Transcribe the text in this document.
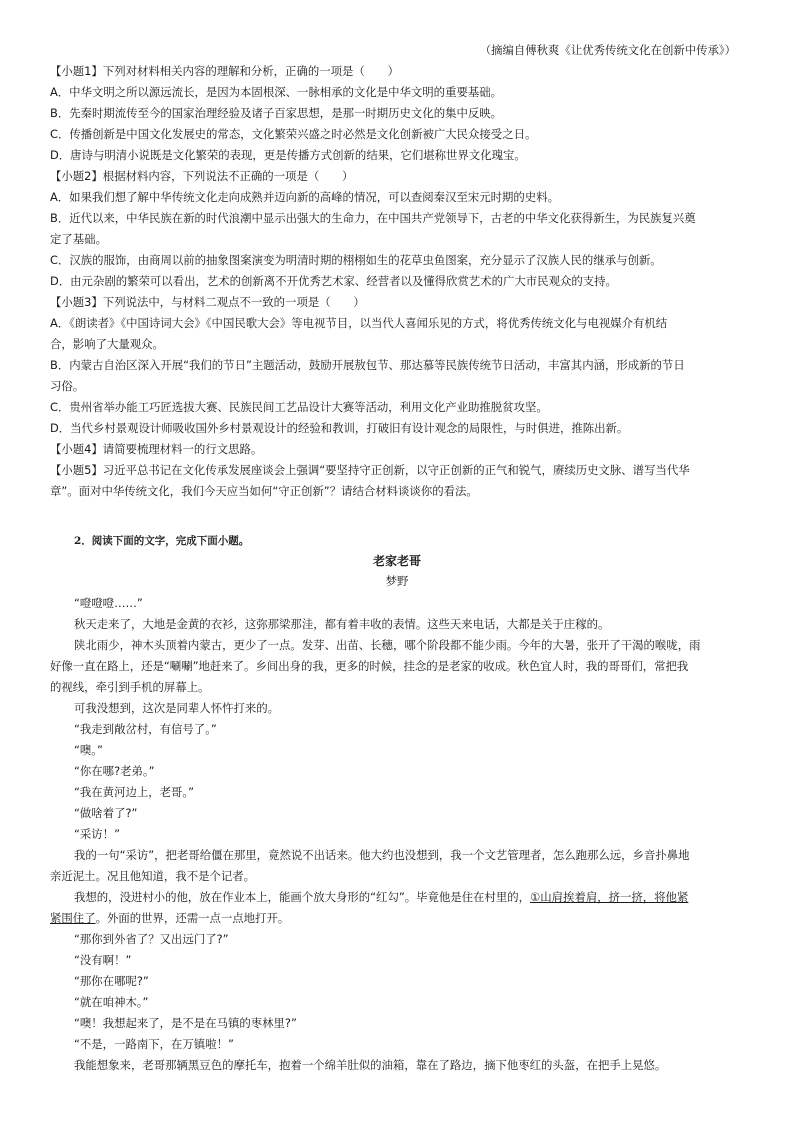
（摘编自傅秋爽《让优秀传统文化在创新中传承》）
【小题1】下列对材料相关内容的理解和分析，正确的一项是（　　）
A．中华文明之所以源远流长，是因为本固根深、一脉相承的文化是中华文明的重要基础。
B．先秦时期流传至今的国家治理经验及诸子百家思想，是那一时期历史文化的集中反映。
C．传播创新是中国文化发展史的常态，文化繁荣兴盛之时必然是文化创新被广大民众接受之日。
D．唐诗与明清小说既是文化繁荣的表现，更是传播方式创新的结果，它们堪称世界文化瑰宝。
【小题2】根据材料内容，下列说法不正确的一项是（　　）
A．如果我们想了解中华传统文化走向成熟并迈向新的高峰的情况，可以查阅秦汉至宋元时期的史料。
B．近代以来，中华民族在新的时代浪潮中显示出强大的生命力，在中国共产党领导下，古老的中华文化获得新生，为民族复兴奠
定了基础。
C．汉族的服饰，由商周以前的抽象图案演变为明清时期的栩栩如生的花草虫鱼图案，充分显示了汉族人民的继承与创新。
D．由元杂剧的繁荣可以看出，艺术的创新离不开优秀艺术家、经营者以及懂得欣赏艺术的广大市民观众的支持。
【小题3】下列说法中，与材料二观点不一致的一项是（　　）
A．《朗读者》《中国诗词大会》《中国民歌大会》等电视节目，以当代人喜闻乐见的方式，将优秀传统文化与电视媒介有机结
合，影响了大量观众。
B．内蒙古自治区深入开展“我们的节日”主题活动，鼓励开展敖包节、那达慕等民族传统节日活动，丰富其内涵，形成新的节日
习俗。
C．贵州省举办能工巧匠选拔大赛、民族民间工艺品设计大赛等活动，利用文化产业助推脱贫攻坚。
D．当代乡村景观设计师吸收国外乡村景观设计的经验和教训，打破旧有设计观念的局限性，与时俱进，推陈出新。
【小题4】请简要梳理材料一的行文思路。
【小题5】习近平总书记在文化传承发展座谈会上强调“要坚持守正创新，以守正创新的正气和锐气，赓续历史文脉、谱写当代华
章”。面对中华传统文化，我们今天应当如何“守正创新”？请结合材料谈谈你的看法。
2．阅读下面的文字，完成下面小题。
老家老哥
梦野
“噔噔噔……”
秋天走来了，大地是金黄的衣衫，这弥那梁那洼，都有着丰收的表情。这些天来电话，大都是关于庄稼的。
陕北雨少，神木头顶着内蒙古，更少了一点。发芽、出苗、长穗，哪个阶段都不能少雨。今年的大暑，张开了干渴的喉咙，雨
好像一直在路上，还是“唰唰”地赶来了。乡间出身的我，更多的时候，挂念的是老家的收成。秋色宜人时，我的哥哥们，常把我
的视线，牵引到手机的屏幕上。
可我没想到，这次是同辈人怀忤打来的。
“我走到敞岔村，有信号了。”
“噢。”
“你在哪?老弟。”
“我在黄河边上，老哥。”
“做啥着了?”
“采访！”
我的一句“采访”，把老哥给僵在那里，竟然说不出话来。他大约也没想到，我一个文艺管理者，怎么跑那么远，乡音扑鼻地
亲近泥土。况且他知道，我不是个记者。
我想的，没进村小的他，放在作业本上，能画个放大身形的“红勾”。毕竟他是住在村里的，①山肩挨着肩，挤一挤，将他紧
紧围住了。外面的世界，还需一点一点地打开。
“那你到外省了？又出远门了?”
“没有啊！”
“那你在哪呢?”
“就在咱神木。”
“噢！我想起来了，是不是在马镇的枣林里?”
“不是，一路南下，在万镇啦！”
我能想象来，老哥那辆黑豆色的摩托车，抱着一个绵羊肚似的油箱，靠在了路边，摘下他枣红的头盔，在把手上晃悠。
